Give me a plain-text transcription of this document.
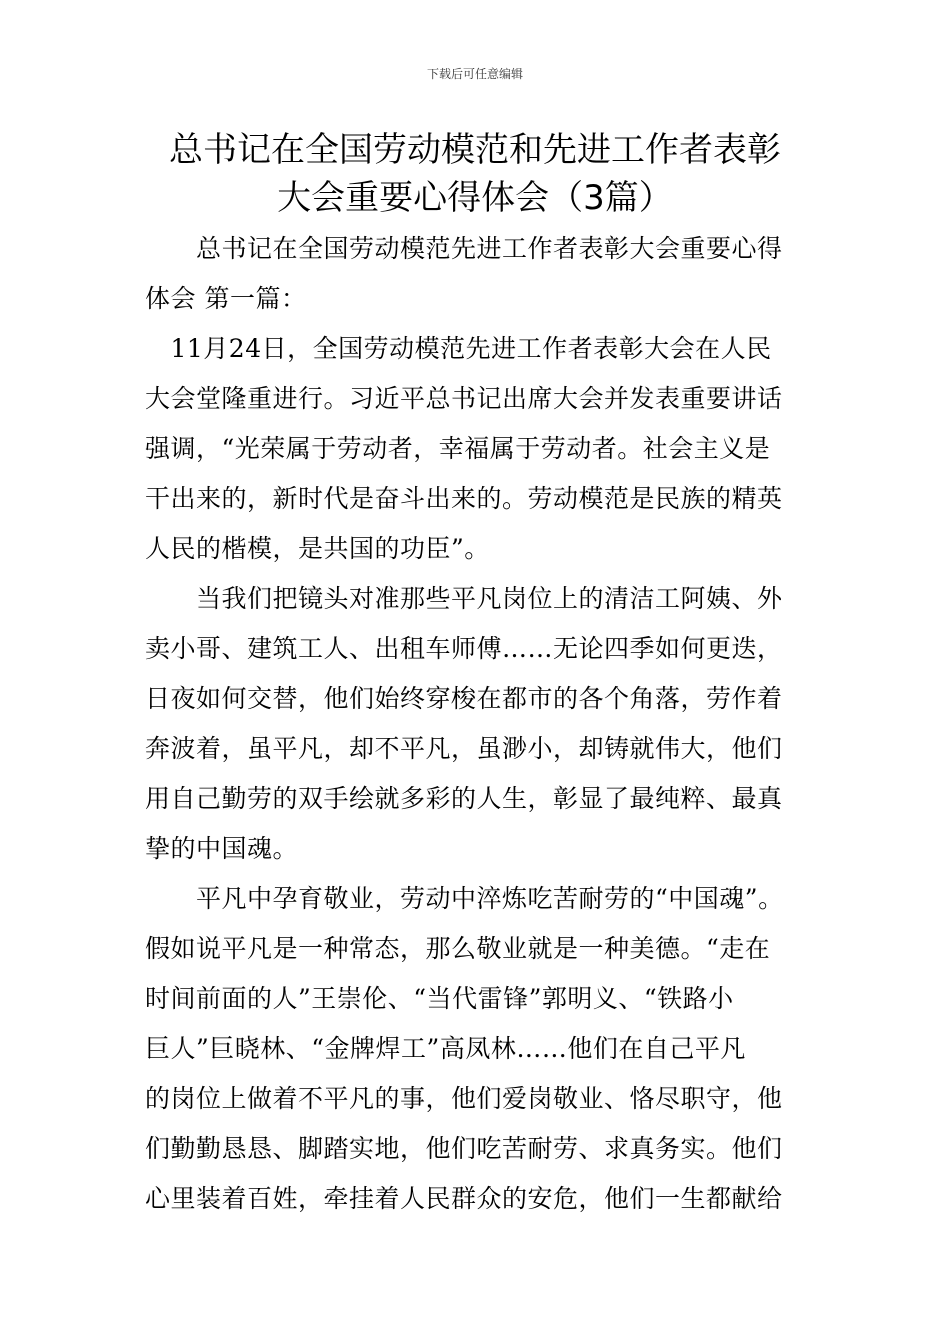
下载后可任意编辑
总书记在全国劳动模范和先进工作者表彰
大会重要心得体会（3篇）
　　总书记在全国劳动模范先进工作者表彰大会重要心得
体会 第一篇：
　11月24日，全国劳动模范先进工作者表彰大会在人民
大会堂隆重进行。习近平总书记出席大会并发表重要讲话
强调，“光荣属于劳动者，幸福属于劳动者。社会主义是
干出来的，新时代是奋斗出来的。劳动模范是民族的精英
人民的楷模，是共国的功臣”。
　　当我们把镜头对准那些平凡岗位上的清洁工阿姨、外
卖小哥、建筑工人、出租车师傅……无论四季如何更迭，
日夜如何交替，他们始终穿梭在都市的各个角落，劳作着
奔波着，虽平凡，却不平凡，虽渺小，却铸就伟大，他们
用自己勤劳的双手绘就多彩的人生，彰显了最纯粹、最真
挚的中国魂。
　　平凡中孕育敬业，劳动中淬炼吃苦耐劳的“中国魂”。
假如说平凡是一种常态，那么敬业就是一种美德。“走在
时间前面的人”王崇伦、“当代雷锋”郭明义、“铁路小
巨人”巨晓林、“金牌焊工”高凤林……他们在自己平凡
的岗位上做着不平凡的事，他们爱岗敬业、恪尽职守，他
们勤勤恳恳、脚踏实地，他们吃苦耐劳、求真务实。他们
心里装着百姓，牵挂着人民群众的安危，他们一生都献给
